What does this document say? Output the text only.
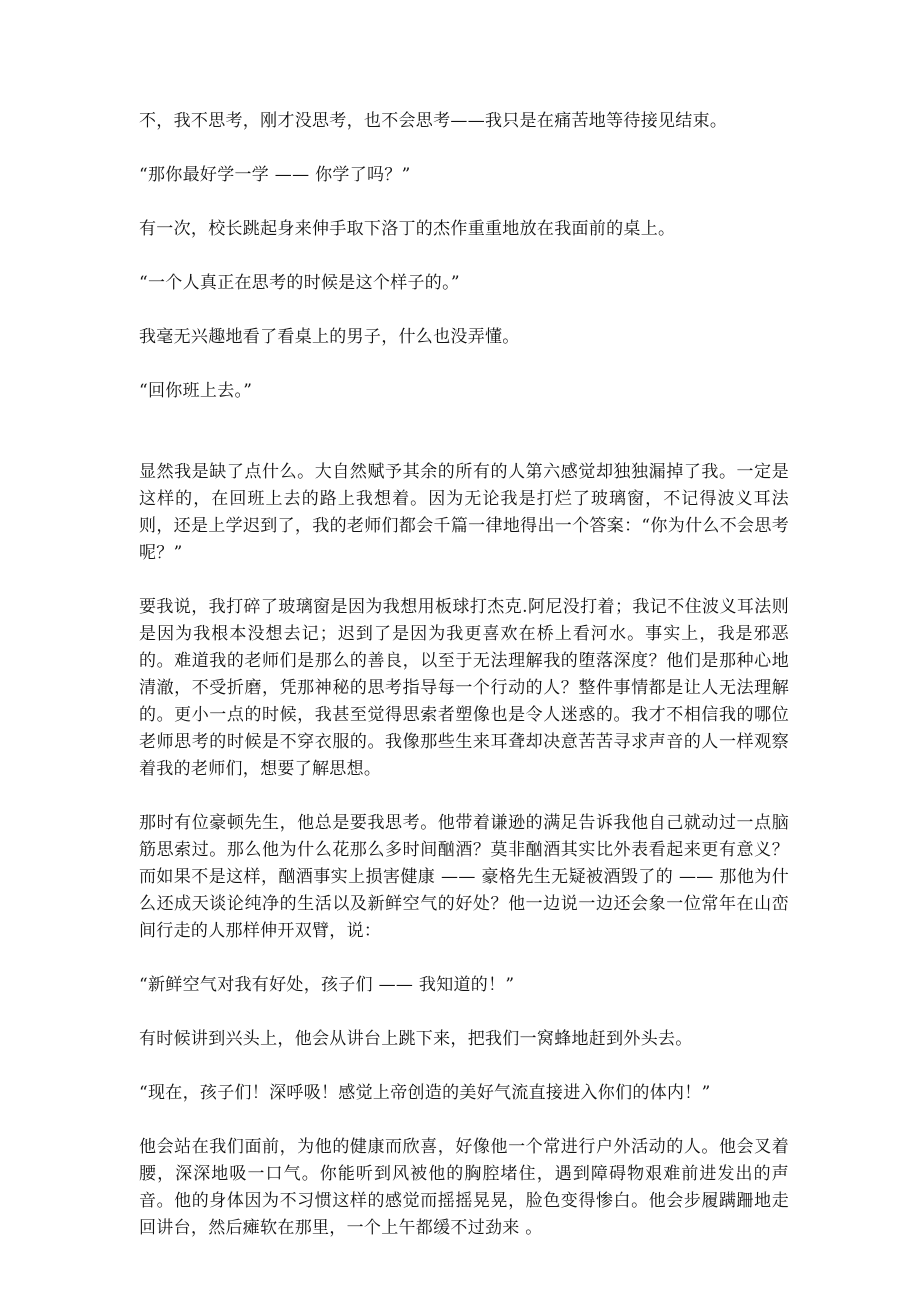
不，我不思考，刚才没思考，也不会思考——我只是在痛苦地等待接见结束。

“那你最好学一学 —— 你学了吗？”

有一次，校长跳起身来伸手取下洛丁的杰作重重地放在我面前的桌上。

“一个人真正在思考的时候是这个样子的。”

我毫无兴趣地看了看桌上的男子，什么也没弄懂。

“回你班上去。”

显然我是缺了点什么。大自然赋予其余的所有的人第六感觉却独独漏掉了我。一定是这样的，在回班上去的路上我想着。因为无论我是打烂了玻璃窗，不记得波义耳法则，还是上学迟到了，我的老师们都会千篇一律地得出一个答案：“你为什么不会思考呢？”

要我说，我打碎了玻璃窗是因为我想用板球打杰克.阿尼没打着；我记不住波义耳法则是因为我根本没想去记；迟到了是因为我更喜欢在桥上看河水。事实上，我是邪恶的。难道我的老师们是那么的善良，以至于无法理解我的堕落深度？他们是那种心地清澈，不受折磨，凭那神秘的思考指导每一个行动的人？整件事情都是让人无法理解的。更小一点的时候，我甚至觉得思索者塑像也是令人迷惑的。我才不相信我的哪位老师思考的时候是不穿衣服的。我像那些生来耳聋却决意苦苦寻求声音的人一样观察着我的老师们，想要了解思想。

那时有位豪顿先生，他总是要我思考。他带着谦逊的满足告诉我他自己就动过一点脑筋思索过。那么他为什么花那么多时间酗酒？莫非酗酒其实比外表看起来更有意义？而如果不是这样，酗酒事实上损害健康 —— 豪格先生无疑被酒毁了的 —— 那他为什么还成天谈论纯净的生活以及新鲜空气的好处？他一边说一边还会象一位常年在山峦间行走的人那样伸开双臂，说：

“新鲜空气对我有好处，孩子们 —— 我知道的！”

有时候讲到兴头上，他会从讲台上跳下来，把我们一窝蜂地赶到外头去。

“现在，孩子们！深呼吸！感觉上帝创造的美好气流直接进入你们的体内！”

他会站在我们面前，为他的健康而欣喜，好像他一个常进行户外活动的人。他会叉着腰，深深地吸一口气。你能听到风被他的胸腔堵住，遇到障碍物艰难前进发出的声音。他的身体因为不习惯这样的感觉而摇摇晃晃，脸色变得惨白。他会步履蹒跚地走回讲台，然后瘫软在那里，一个上午都缓不过劲来 。
